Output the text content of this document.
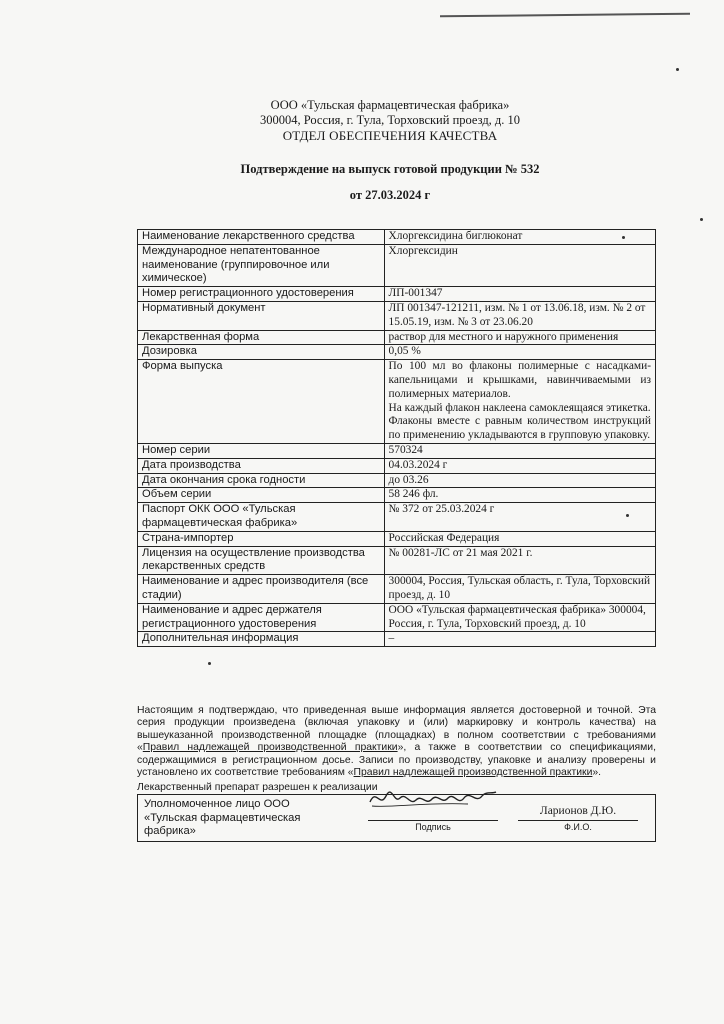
ООО «Тульская фармацевтическая фабрика»
300004, Россия, г. Тула, Торховский проезд, д. 10
ОТДЕЛ ОБЕСПЕЧЕНИЯ КАЧЕСТВА
Подтверждение на выпуск готовой продукции № 532
от 27.03.2024 г
Наименование лекарственного средства	Хлоргексидина биглюконат
Международное непатентованное наименование (группировочное или химическое)	Хлоргексидин
Номер регистрационного удостоверения	ЛП-001347
Нормативный документ	ЛП 001347-121211, изм. № 1 от 13.06.18, изм. № 2 от 15.05.19, изм. № 3 от 23.06.20
Лекарственная форма	раствор для местного и наружного применения
Дозировка	0,05 %
Форма выпуска	По 100 мл во флаконы полимерные с насадками-капельницами и крышками, навинчиваемыми из полимерных материалов.
На каждый флакон наклеена самоклеящаяся этикетка.
Флаконы вместе с равным количеством инструкций по применению укладываются в групповую упаковку.

Номер серии	570324
Дата производства	04.03.2024 г
Дата окончания срока годности	до 03.26
Объем серии	58 246 фл.
Паспорт ОКК ООО «Тульская фармацевтическая фабрика»	№ 372 от 25.03.2024 г
Страна-импортер	Российская Федерация
Лицензия на осуществление производства лекарственных средств	№ 00281-ЛС от 21 мая 2021 г.
Наименование и адрес производителя (все стадии)	300004, Россия, Тульская область, г. Тула, Торховский проезд, д. 10
Наименование и адрес держателя регистрационного удостоверения	ООО «Тульская фармацевтическая фабрика» 300004, Россия, г. Тула, Торховский проезд, д. 10
Дополнительная информация	–
Настоящим я подтверждаю, что приведенная выше информация является достоверной и точной. Эта серия продукции произведена (включая упаковку и (или) маркировку и контроль качества) на вышеуказанной производственной площадке (площадках) в полном соответствии с требованиями «Правил надлежащей производственной практики», а также в соответствии со спецификациями, содержащимися в регистрационном досье. Записи по производству, упаковке и анализу проверены и установлено их соответствие требованиям «Правил надлежащей производственной практики».
Лекарственный препарат разрешен к реализации
Уполномоченное лицо ООО «Тульская фармацевтическая фабрика»	Подпись
Ларионов Д.Ю.
Ф.И.О.
